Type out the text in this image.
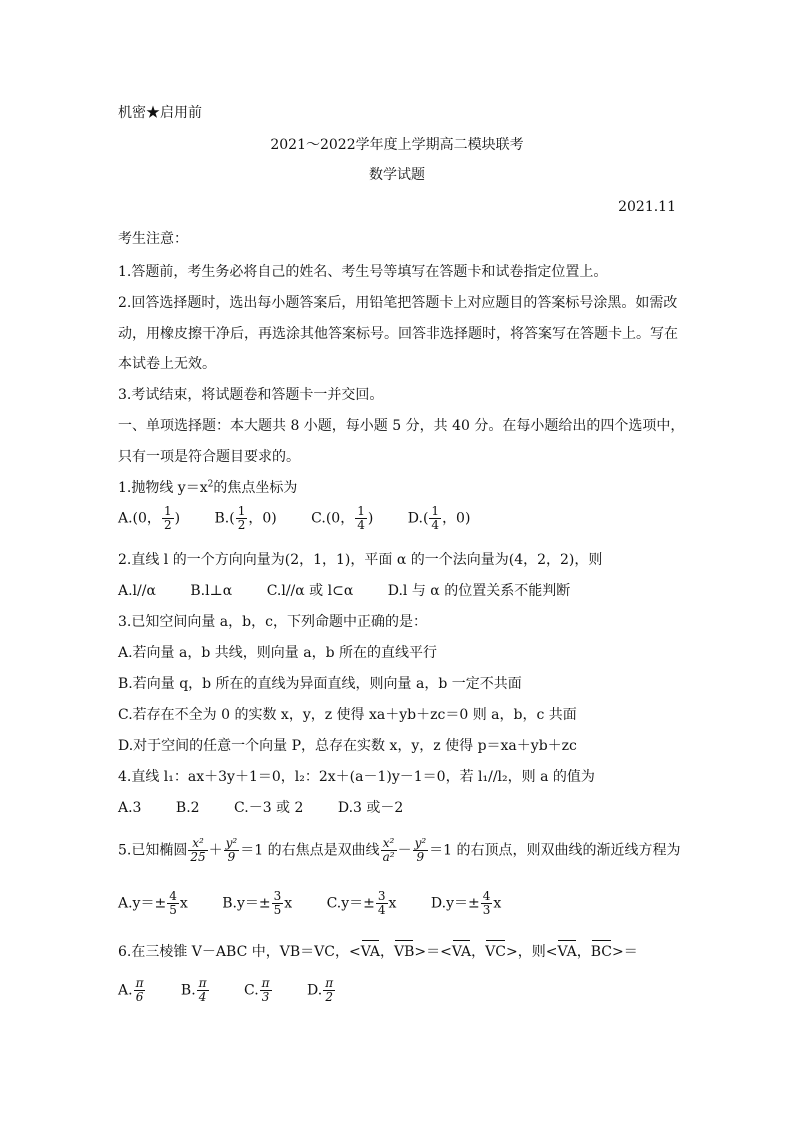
机密★启用前
2021～2022学年度上学期高二模块联考
数学试题
2021.11
考生注意：
1.答题前，考生务必将自己的姓名、考生号等填写在答题卡和试卷指定位置上。
2.回答选择题时，选出每小题答案后，用铅笔把答题卡上对应题目的答案标号涂黑。如需改
动，用橡皮擦干净后，再选涂其他答案标号。回答非选择题时，将答案写在答题卡上。写在
本试卷上无效。
3.考试结束，将试题卷和答题卡一并交回。
一、单项选择题：本大题共 8 小题，每小题 5 分，共 40 分。在每小题给出的四个选项中，
只有一项是符合题目要求的。
1.抛物线 $y=x^2$的焦点坐标为
A.(0， $\frac{1}{2}$ ) $B.( \frac{1}{2}$ ，0) C.(0， $\frac{1}{4}$ ) $D.( \frac{1}{4}$ ，0)
2.直线 l 的一个方向向量为(2，1，1)，平面 α 的一个法向量为(4，2，2)，则
A.l//α B.l⊥α C.l//α 或 l⊂α D.l 与 α 的位置关系不能判断
3.已知空间向量 a，b，c，下列命题中正确的是：
A.若向量 a，b 共线，则向量 a，b 所在的直线平行
B.若向量 q，b 所在的直线为异面直线，则向量 a，b 一定不共面
C.若存在不全为 0 的实数 x，y，z 使得 xa＋yb＋zc＝0 则 a，b，c 共面
D.对于空间的任意一个向量 P，总存在实数 x，y，z 使得 p＝xa＋yb＋zc
4.直线 l₁：ax＋3y＋1＝0，l₂：2x＋(a－1)y－1＝0，若 l₁//l₂，则 a 的值为
A.3 B.2 C.－3 或 2 D.3 或－2
5.已知椭圆 $\frac{\text{x²}}{25} + \frac{\text{y²}}{9} =1$ 的右焦点是双曲线 $\frac{\text{x²}}{\text{a²}} - \frac{\text{y²}}{9} =1$ 的右顶点，则双曲线的渐近线方程为
$A.y=\pm \frac{4}{5}$ x $B.y=\pm \frac{3}{5}$ x $C.y=\pm \frac{3}{4}$ x $D.y=\pm \frac{4}{3}$ x
6.在三棱锥 V－ABC 中，VB＝VC，<VA，VB>＝<VA，VC>，则<VA，BC>＝
A. $\frac{\pi}{6}$	B. $\frac{\pi}{4}$	C. $\frac{\pi}{3}$	D. $\frac{\pi}{2}$
